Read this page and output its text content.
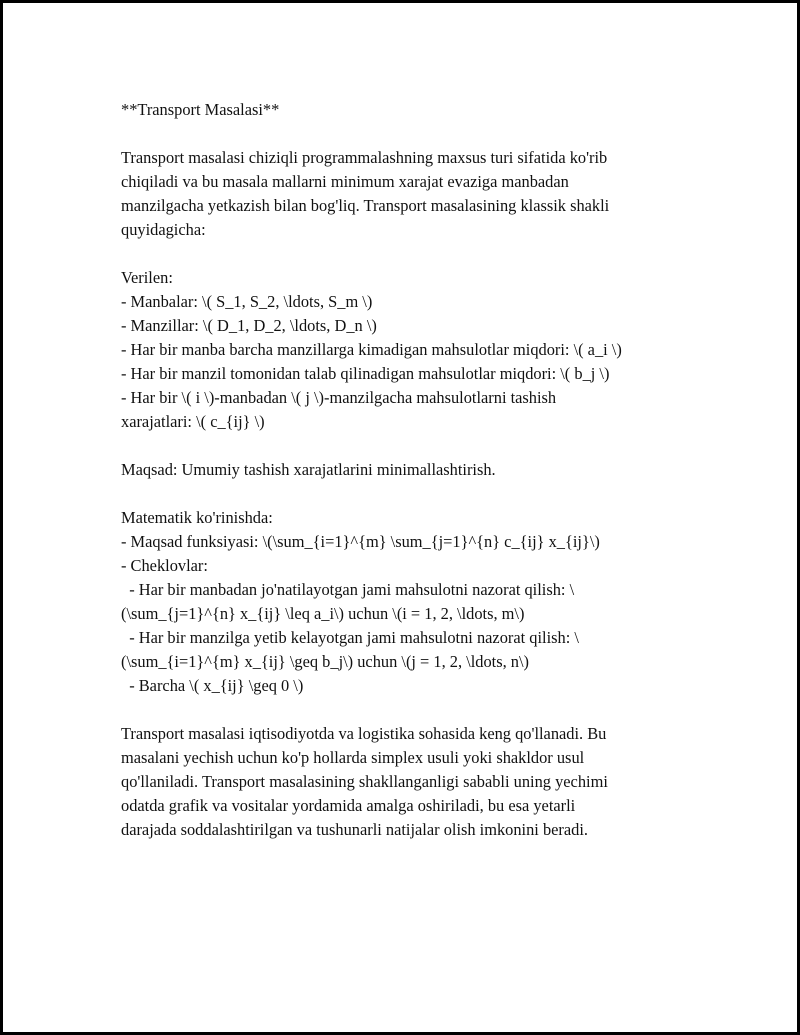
**Transport Masalasi**
Transport masalasi chiziqli programmalashning maxsus turi sifatida ko'rib
chiqiladi va bu masala mallarni minimum xarajat evaziga manbadan
manzilgacha yetkazish bilan bog'liq. Transport masalasining klassik shakli
quyidagicha:
Verilen:
- Manbalar: \( S_1, S_2, \ldots, S_m \)
- Manzillar: \( D_1, D_2, \ldots, D_n \)
- Har bir manba barcha manzillarga kimadigan mahsulotlar miqdori: \( a_i \)
- Har bir manzil tomonidan talab qilinadigan mahsulotlar miqdori: \( b_j \)
- Har bir \( i \)-manbadan \( j \)-manzilgacha mahsulotlarni tashish
xarajatlari: \( c_{ij} \)
Maqsad: Umumiy tashish xarajatlarini minimallashtirish.
Matematik ko'rinishda:
- Maqsad funksiyasi: \(\sum_{i=1}^{m} \sum_{j=1}^{n} c_{ij} x_{ij}\)
- Cheklovlar:
- Har bir manbadan jo'natilayotgan jami mahsulotni nazorat qilish: \
(\sum_{j=1}^{n} x_{ij} \leq a_i\) uchun \(i = 1, 2, \ldots, m\)
- Har bir manzilga yetib kelayotgan jami mahsulotni nazorat qilish: \
(\sum_{i=1}^{m} x_{ij} \geq b_j\) uchun \(j = 1, 2, \ldots, n\)
- Barcha \( x_{ij} \geq 0 \)
Transport masalasi iqtisodiyotda va logistika sohasida keng qo'llanadi. Bu
masalani yechish uchun ko'p hollarda simplex usuli yoki shakldor usul
qo'llaniladi. Transport masalasining shakllanganligi sababli uning yechimi
odatda grafik va vositalar yordamida amalga oshiriladi, bu esa yetarli
darajada soddalashtirilgan va tushunarli natijalar olish imkonini beradi.
